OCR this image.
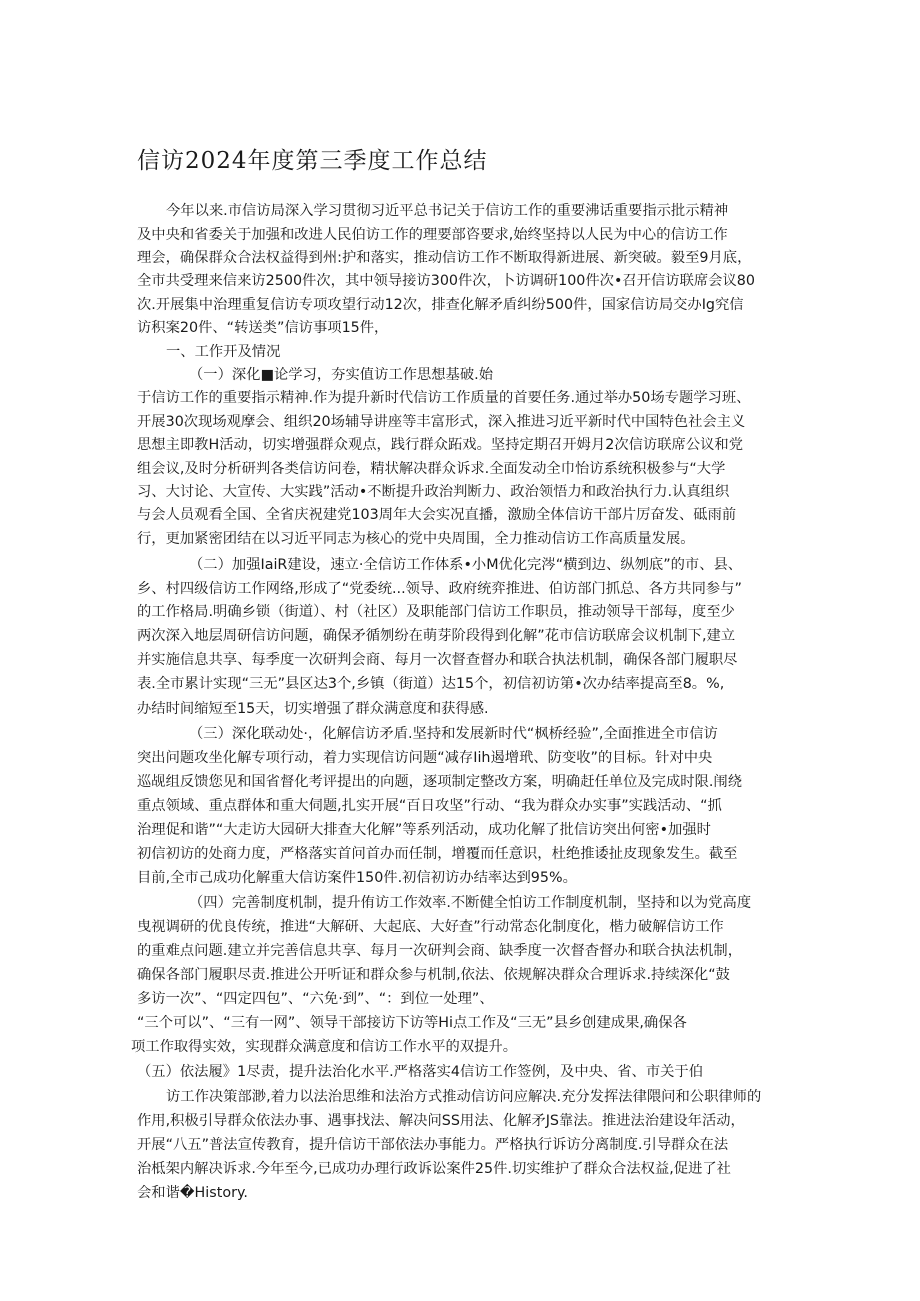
信访2024年度第三季度工作总结

今年以来.市信访局深入学习贯彻习近平总书记关于信访工作的重要沸话重要指示批示精神

及中央和省委关于加强和改进人民伯访工作的理要部咨要求,始终坚持以人民为中心的信访工作

理会，确保群众合法权益得到州:护和落实，推动信访工作不断取得新进展、新突破。毅至9月底，

全市共受理来信来访2500件次，其中领导接访300件次，卜访调研100件次•召开信访联席会议80

次.开展集中治理重复信访专项攻望行动12次，排查化解矛盾纠纷500件，国家信访局交办Ig究信

访积案20件、“转送类”信访事项15件，

一、工作开及情况

（一）深化■论学习，夯实值访工作思想基破.始

于信访工作的重要指示精神.作为提升新时代信访工作质量的首要任务.通过举办50场专题学习班、

开展30次现场观摩会、组织20场辅导讲座等丰富形式，深入推进习近平新时代中国特色社会主义

思想主即教H活动，切实增强群众观点，践行群众跖戏。坚持定期召开姆月2次信访联席公议和党

组会议,及时分析研判各类信访问卷，精状解决群众诉求.全面发动全巾怡访系统积极参与“大学

习、大讨论、大宣传、大实践”活动•不断提升政治判断力、政治领悟力和政治执行力.认真组织

与会人员观看全国、全省庆祝建党103周年大会实况直播，激励全体信访干部片厉奋发、砥雨前

行，更加紧密团结在以习近平同志为核心的党中央周围，全力推动信访工作高质量发展。

（二）加强IaiR建设，速立·全信访工作体系•小M优化完涔“横到边、纵刎底”的市、县、

乡、村四级信访工作网络,形成了“党委统...领导、政府统弈推进、伯访部门抓总、各方共同参与”

的工作格局.明确乡锁（街道）、村（社区）及职能部门信访工作职员，推动领导干部每，度至少

两次深入地层周研信访问题，确保矛循刎纷在萌芽阶段得到化解”花市信访联席会议机制下,建立

并实施信息共享、每季度一次研判会商、每月一次督查督办和联合执法机制，确保各部门履职尽

表.全市累计实现“三无”县区达3个,乡镇（街道）达15个，初信初访第•次办结率提高至8。%,

办结时间缩短至15天，切实增强了群众满意度和获得感.

（三）深化联动处·，化解信访矛盾.坚持和发展新时代“枫桥经验”,全面推进全市信访

突出问题攻坐化解专项行动，着力实现信访问题“减存Iih遏增玳、防变收”的目标。针对中央

巡觇组反馈您见和国省督化考评提出的向题，逐项制定整改方案，明确赶任单位及完成时限.闱绕

重点领域、重点群体和重大伺题,扎实开展“百日攻坚”行动、“我为群众办实事”实践活动、“抓

治理促和谐”“大走访大园研大排查大化解”等系列活动，成功化解了批信访突出何密•加强时

初信初访的处商力度，严格落实首问首办而任制，增覆而任意识，杜绝推诿扯皮现象发生。截至

目前,全市己成功化解重大信访案件150件.初信初访办结率达到95%。

（四）完善制度机制，提升侑访工作效率.不断健全怕访工作制度机制，坚持和以为党高度

曳视调研的优良传统，推进“大解研、大起底、大好查”行动常态化制度化，楷力破解信访工作

的重难点问题.建立并完善信息共享、每月一次研判会商、缺季度一次督杳督办和联合执法机制，

确保各部门履职尽责.推进公开听证和群众参与机制,依法、依规解决群众合理诉求.持续深化“鼓

多访一次”、“四定四包”、“六免·到”、“：到位一处理”、

“三个可以”、“三有一网”、领导干部接访下访等Hi点工作及“三无”县乡创建成果,确保各

项工作取得实效，实现群众满意度和信访工作水平的双提升。

（五）依法履》1尽责，提升法治化水平.严格落实4信访工作签例，及中央、省、市关于伯

访工作决策部渺,着力以法治思维和法治方式推动信访问应解决.充分发挥法律隈问和公职律师的

作用,积极引导群众依法办事、遇事找法、解决问SS用法、化解矛JS靠法。推进法治建设年活动，

开展“八五”普法宣传教育，提升信访干部依法办事能力。严格执行诉访分离制度.引导群众在法

治柢架内解决诉求.今年至今,已成功办理行政诉讼案件25件.切实维护了群众合法权益,促进了社

会和谐�History.
